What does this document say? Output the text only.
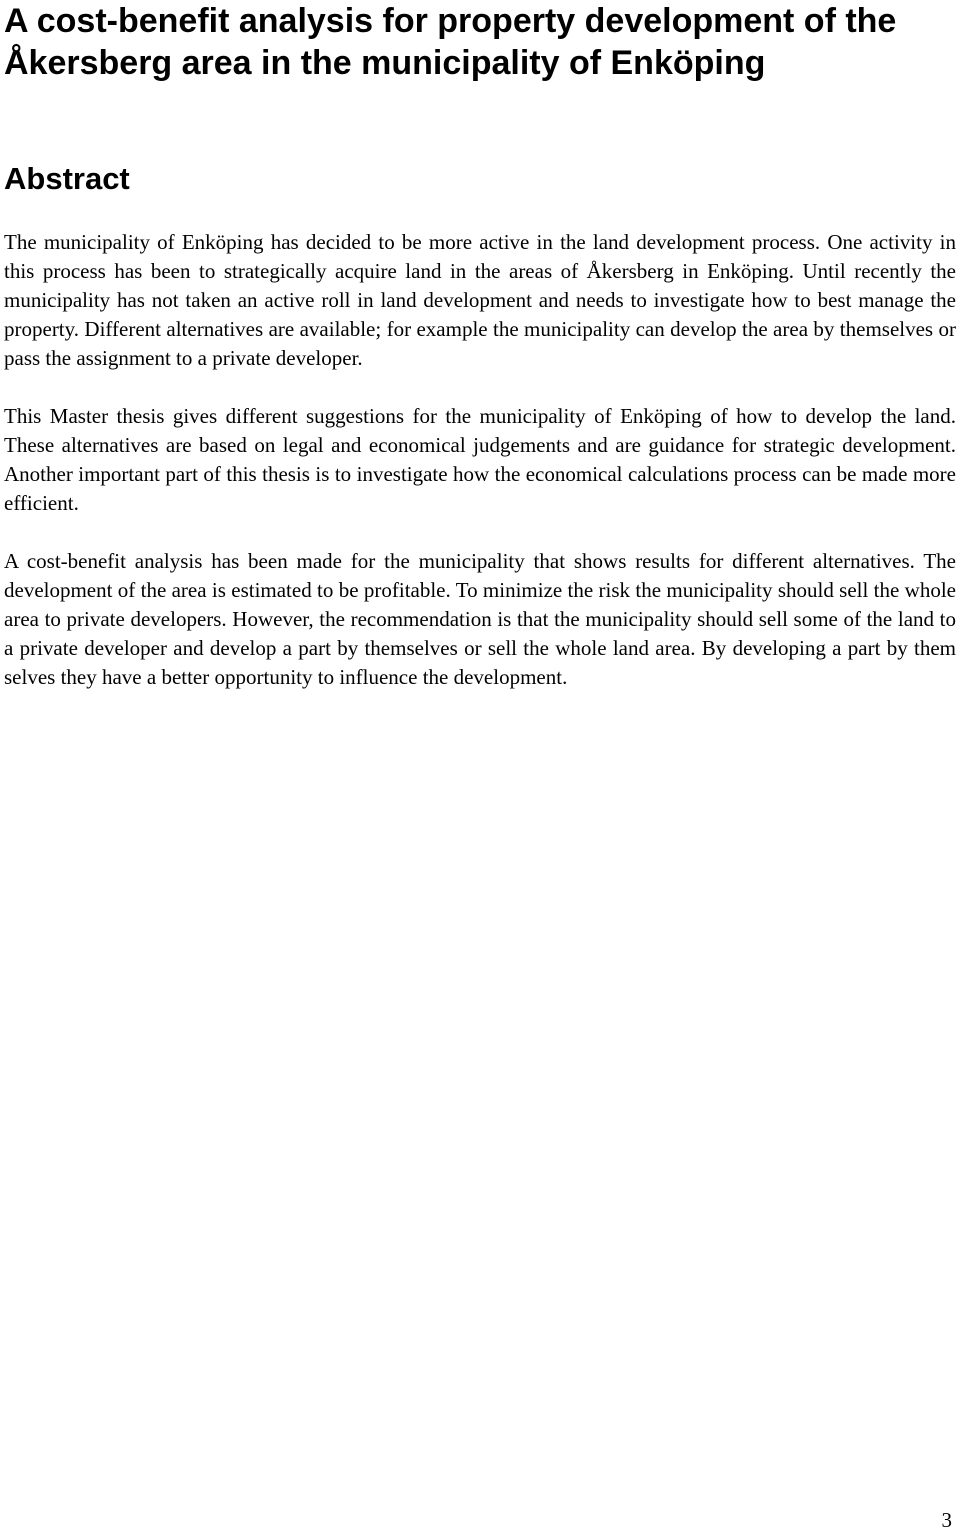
A cost-benefit analysis for property development of the Åkersberg area in the municipality of Enköping
Abstract

The municipality of Enköping has decided to be more active in the land development process. One activity in this process has been to strategically acquire land in the areas of Åkersberg in Enköping. Until recently the municipality has not taken an active roll in land development and needs to investigate how to best manage the property. Different alternatives are available; for example the municipality can develop the area by themselves or pass the assignment to a private developer.

This Master thesis gives different suggestions for the municipality of Enköping of how to develop the land. These alternatives are based on legal and economical judgements and are guidance for strategic development. Another important part of this thesis is to investigate how the economical calculations process can be made more efficient.

A cost-benefit analysis has been made for the municipality that shows results for different alternatives. The development of the area is estimated to be profitable. To minimize the risk the municipality should sell the whole area to private developers. However, the recommendation is that the municipality should sell some of the land to a private developer and develop a part by themselves or sell the whole land area. By developing a part by them selves they have a better opportunity to influence the development.

3
